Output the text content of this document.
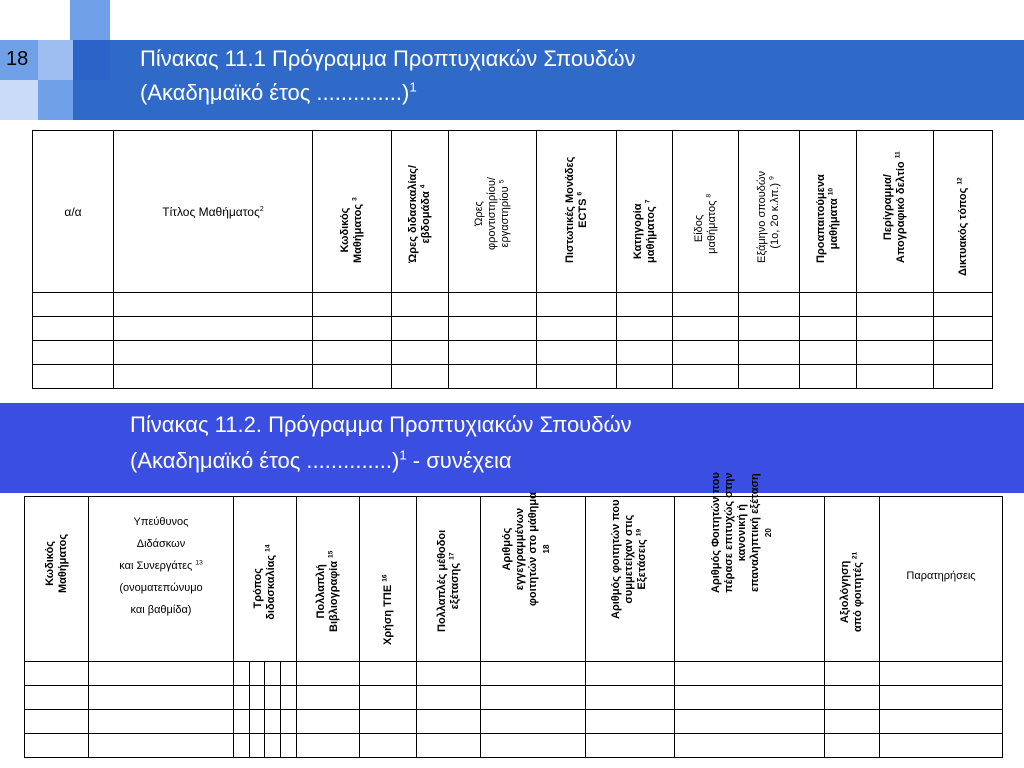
18	Πίνακας 11.1 Πρόγραμμα Προπτυχιακών Σπουδών
(Ακαδημαϊκό έτος ..............)$^1$
α/α	Τίτλος Μαθήματος$^2$	Κωδικός
Μαθήματος $^3$	Ώρες διδασκαλίας/
εβδομάδα $^4$	Ώρες
φροντιστηρίου/
εργαστηρίου $^5$	Πιστωτικές Μονάδες
ECTS $^6$	Κατηγορία
μαθήματος $^7$	Είδος
μαθήματος $^8$	Εξάμηνο σπουδών
(1ο, 2ο κ.λπ.) $^9$	Προαπαιτούμενα
μαθήματα $^{10}$	Περίγραμμα/
Απογραφικό δελτίο $^{11}$	Δικτυακός τόπος $^{12}$

Πίνακας 11.2. Πρόγραμμα Προπτυχιακών Σπουδών
(Ακαδημαϊκό έτος ..............)$^1$ - συνέχεια
Κωδικός
Μαθήματος	Υπεύθυνος
Διδάσκων
και Συνεργάτες $^{13}$
(ονοματεπώνυμο
και βαθμίδα)	Τρόπος
διδασκαλίας $^{14}$				Πολλαπλή
Βιβλιογραφία $^{15}$	Χρήση ΤΠΕ $^{16}$	Πολλαπλές μέθοδοι
εξέτασης $^{17}$	Αριθμός
εγγεγραμμένων
φοιτητών στο μάθημα 18	Αριθμός φοιτητών που
συμμετείχαν στις
Εξετάσεις $^{19}$	Αριθμός Φοιτητών που
πέρασε επιτυχώς στην
κανονική ή
επαναληπτική εξέταση 20	Αξιολόγηση
από φοιτητές $^{21}$	Παρατηρήσεις
